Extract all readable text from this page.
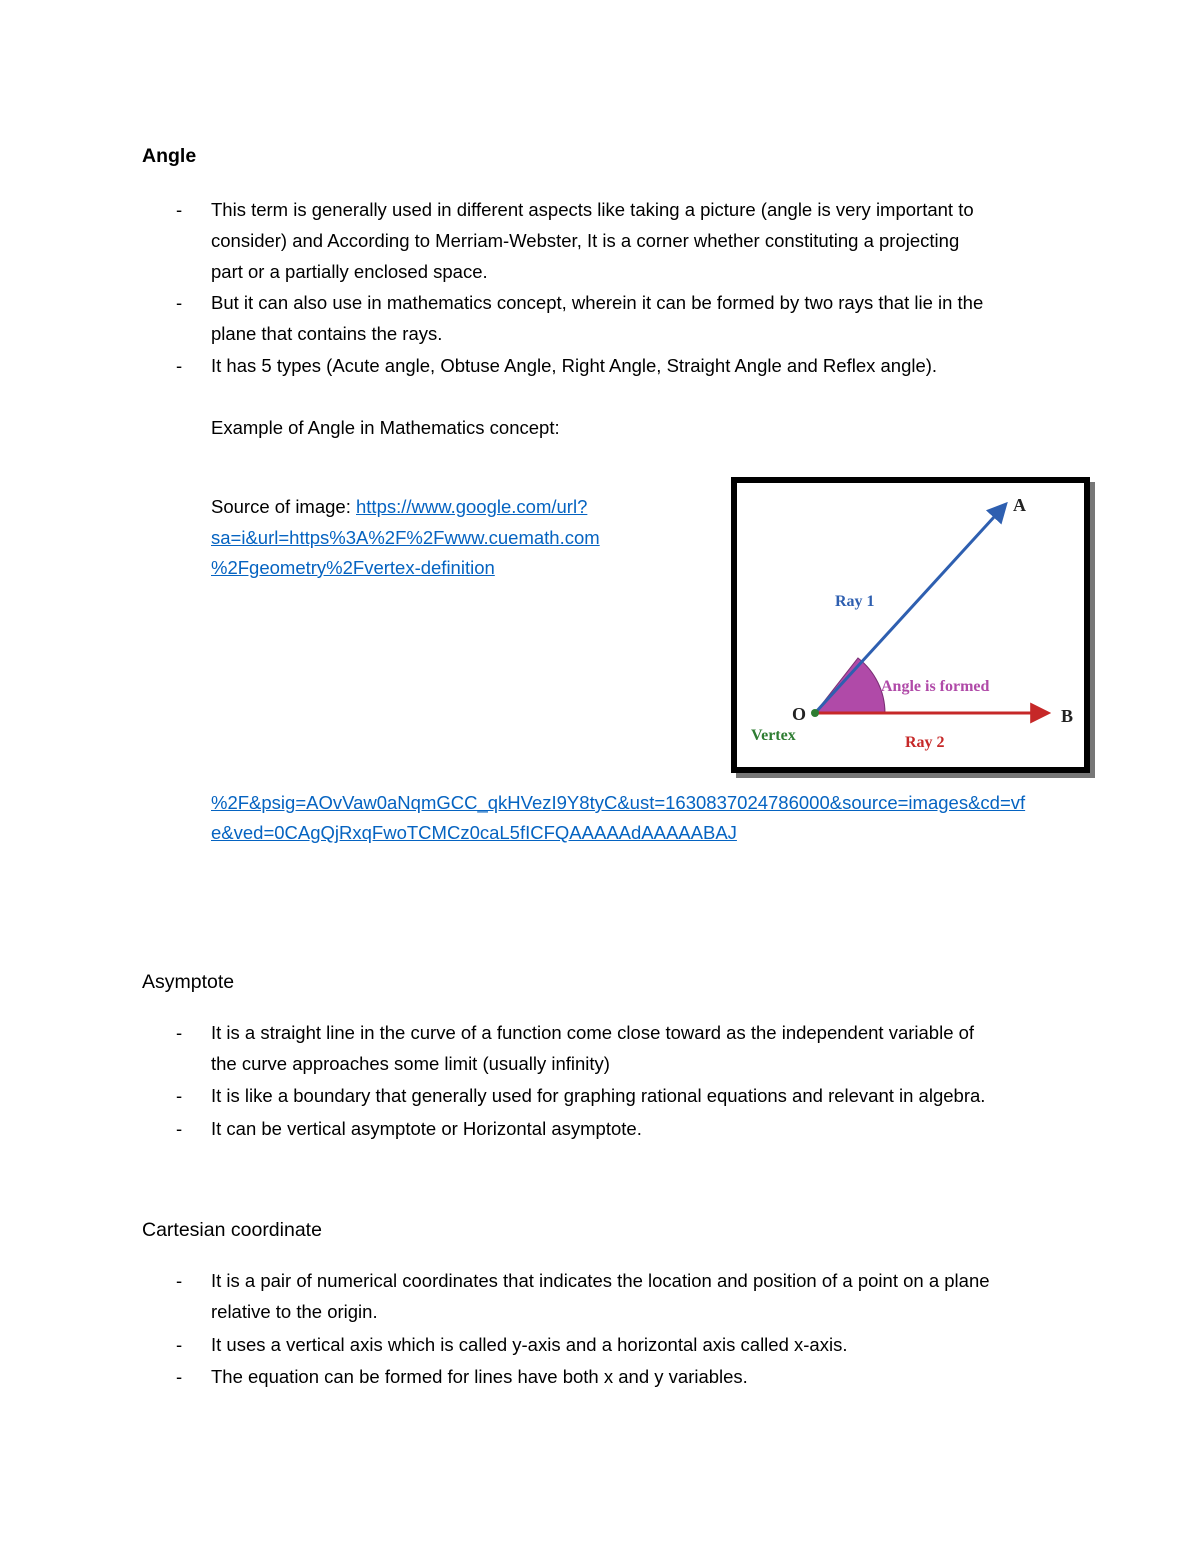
Angle
- This term is generally used in different aspects like taking a picture (angle is very important to
consider) and According to Merriam-Webster, It is a corner whether constituting a projecting
part or a partially enclosed space.
- But it can also use in mathematics concept, wherein it can be formed by two rays that lie in the
plane that contains the rays.
- It has 5 types (Acute angle, Obtuse Angle, Right Angle, Straight Angle and Reflex angle).
Example of Angle in Mathematics concept:
Source of image: https://www.google.com/url?
sa=i&url=https%3A%2F%2Fwww.cuemath.com
%2Fgeometry%2Fvertex-definition
A
B
O
Ray 1
Ray 2
Angle is formed
Vertex
%2F&psig=AOvVaw0aNqmGCC_qkHVezI9Y8tyC&ust=1630837024786000&source=images&cd=vf
e&ved=0CAgQjRxqFwoTCMCz0caL5fICFQAAAAAdAAAAABAJ
Asymptote
- It is a straight line in the curve of a function come close toward as the independent variable of
the curve approaches some limit (usually infinity)
- It is like a boundary that generally used for graphing rational equations and relevant in algebra.
- It can be vertical asymptote or Horizontal asymptote.
Cartesian coordinate
- It is a pair of numerical coordinates that indicates the location and position of a point on a plane
relative to the origin.
- It uses a vertical axis which is called y-axis and a horizontal axis called x-axis.
- The equation can be formed for lines have both x and y variables.
